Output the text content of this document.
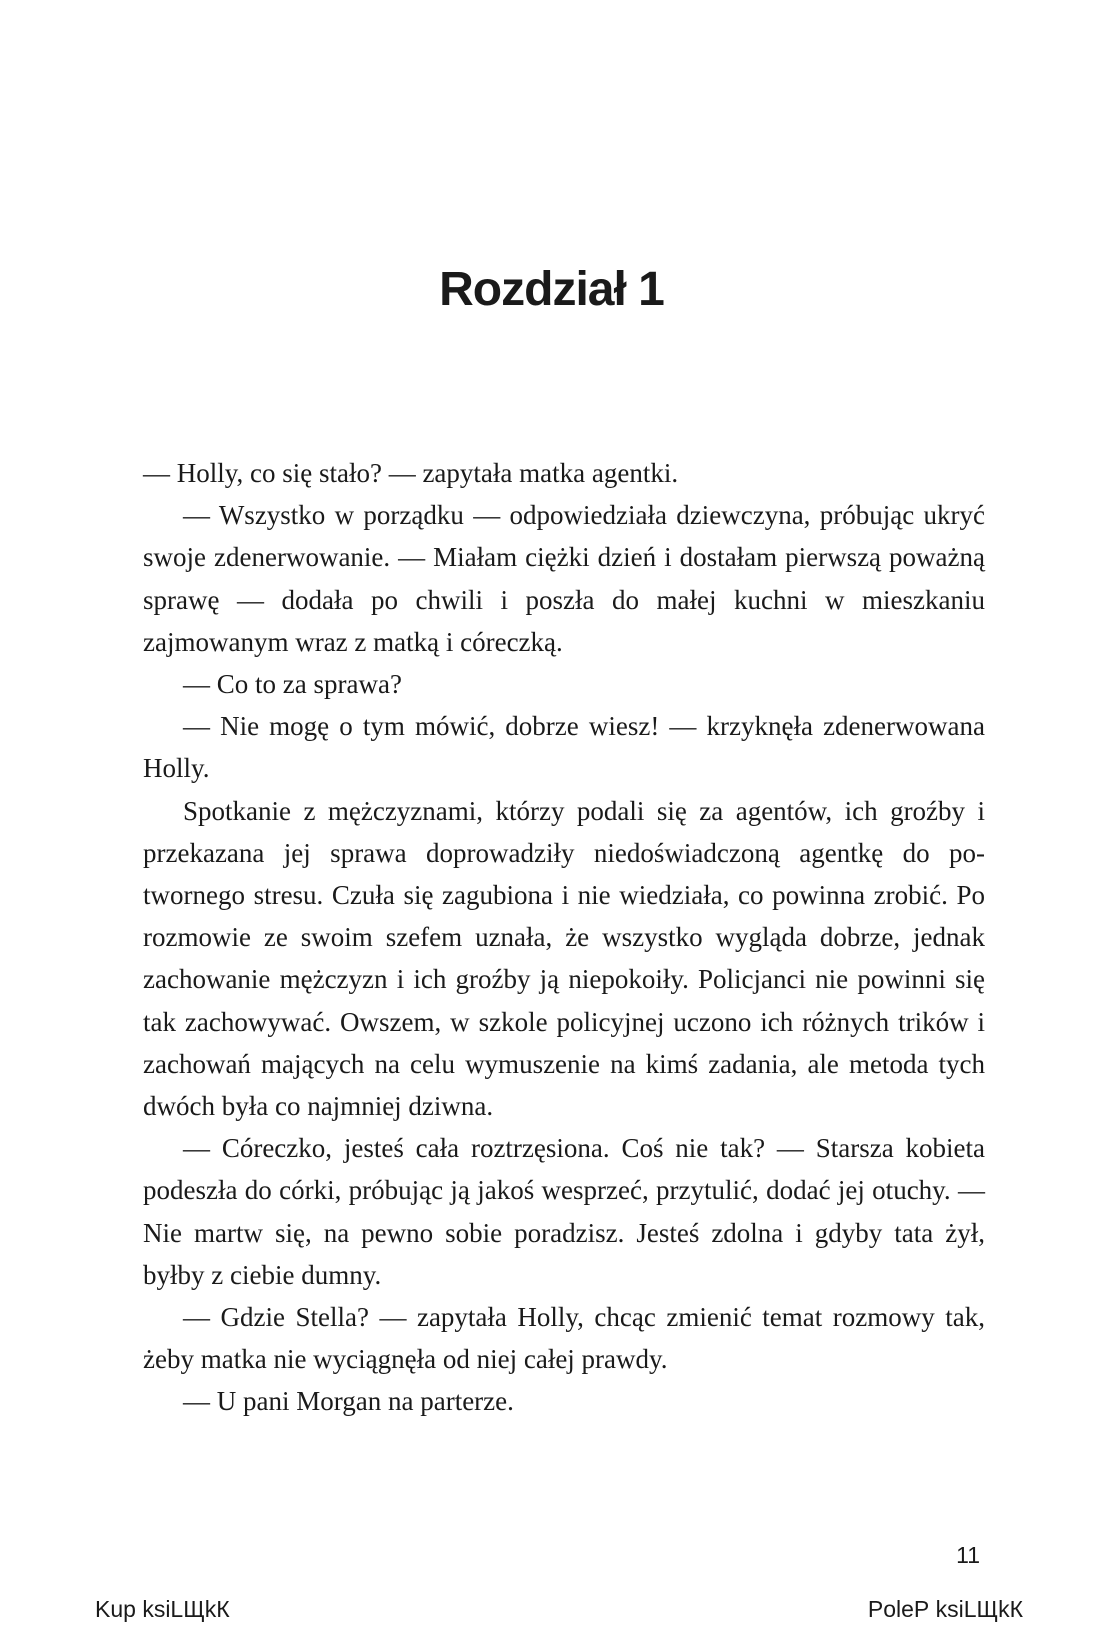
Rozdział 1

— Holly, co się stało? — zapytała matka agentki.

— Wszystko w porządku — odpowiedziała dziewczyna, próbując ukryć swoje zdenerwowanie. — Miałam ciężki dzień i dostałam pierwszą poważną sprawę — dodała po chwili i poszła do małej kuchni w mieszkaniu zajmowanym wraz z matką i córeczką.

— Co to za sprawa?

— Nie mogę o tym mówić, dobrze wiesz! — krzyknęła zdenerwowana Holly.

Spotkanie z mężczyznami, którzy podali się za agentów, ich groźby i przekazana jej sprawa doprowadziły niedoświadczoną agentkę do potwornego stresu. Czuła się zagubiona i nie wiedziała, co powinna zrobić. Po rozmowie ze swoim szefem uznała, że wszystko wygląda dobrze, jednak zachowanie mężczyzn i ich groźby ją niepokoiły. Policjanci nie powinni się tak zachowywać. Owszem, w szkole policyjnej uczono ich różnych trików i zachowań mających na celu wymuszenie na kimś zadania, ale metoda tych dwóch była co najmniej dziwna.

— Córeczko, jesteś cała roztrzęsiona. Coś nie tak? — Starsza kobieta podeszła do córki, próbując ją jakoś wesprzeć, przytulić, dodać jej otuchy. — Nie martw się, na pewno sobie poradzisz. Jesteś zdolna i gdyby tata żył, byłby z ciebie dumny.

— Gdzie Stella? — zapytała Holly, chcąc zmienić temat rozmowy tak, żeby matka nie wyciągnęła od niej całej prawdy.

— U pani Morgan na parterze.

11
Kup ksiLЩkК	PoleР ksiLЩkК
